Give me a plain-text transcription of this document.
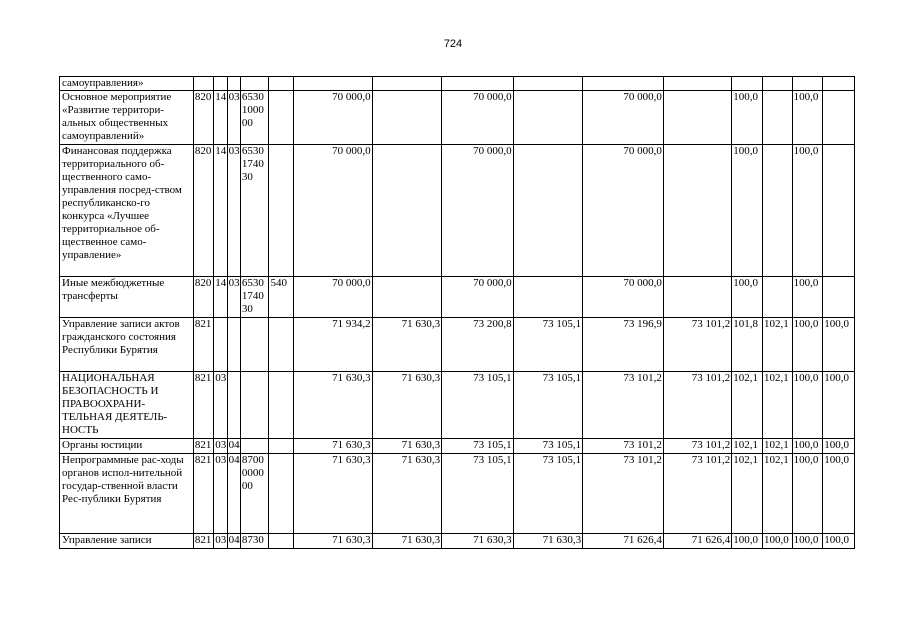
724
самоуправления»															
Основное мероприятие «Развитие территори-альных общественных самоуправлений»	820	14	03	6530 1000 00		70 000,0		70 000,0		70 000,0		100,0		100,0	
Финансовая поддержка территориального об-щественного само-управления посред-ством республиканско-го конкурса «Лучшее территориальное об-щественное само-управление»	820	14	03	6530 1740 30		70 000,0		70 000,0		70 000,0		100,0		100,0	
Иные межбюджетные трансферты	820	14	03	6530 1740 30	540	70 000,0		70 000,0		70 000,0		100,0		100,0	
Управление записи актов гражданского состояния Республики Бурятия	821					71 934,2	71 630,3	73 200,8	73 105,1	73 196,9	73 101,2	101,8	102,1	100,0	100,0
НАЦИОНАЛЬНАЯ БЕЗОПАСНОСТЬ И ПРАВООХРАНИ-ТЕЛЬНАЯ ДЕЯТЕЛЬ-НОСТЬ	821	03				71 630,3	71 630,3	73 105,1	73 105,1	73 101,2	73 101,2	102,1	102,1	100,0	100,0
Органы юстиции	821	03	04			71 630,3	71 630,3	73 105,1	73 105,1	73 101,2	73 101,2	102,1	102,1	100,0	100,0
Непрограммные рас-ходы органов испол-нительной государ-ственной власти Рес-публики Бурятия	821	03	04	8700 0000 00		71 630,3	71 630,3	73 105,1	73 105,1	73 101,2	73 101,2	102,1	102,1	100,0	100,0
Управление записи	821	03	04	8730		71 630,3	71 630,3	71 630,3	71 630,3	71 626,4	71 626,4	100,0	100,0	100,0	100,0
